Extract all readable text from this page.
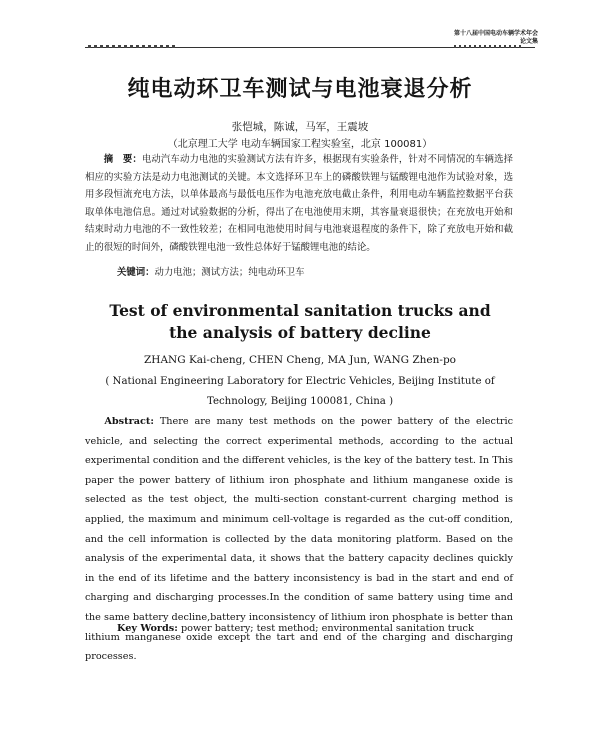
第十八届中国电动车辆学术年会
论文集
纯电动环卫车测试与电池衰退分析
张恺城，陈诚，马军，王震坡
（北京理工大学 电动车辆国家工程实验室，北京 100081）
摘　要：电动汽车动力电池的实验测试方法有许多，根据现有实验条件，针对不同情况的车辆选择相应的实验方法是动力电池测试的关键。本文选择环卫车上的磷酸铁锂与锰酸锂电池作为试验对象，选用多段恒流充电方法，以单体最高与最低电压作为电池充放电截止条件，利用电动车辆监控数据平台获取单体电池信息。通过对试验数据的分析，得出了在电池使用末期，其容量衰退很快；在充放电开始和结束时动力电池的不一致性较差；在相同电池使用时间与电池衰退程度的条件下，除了充放电开始和截止的很短的时间外，磷酸铁锂电池一致性总体好于锰酸锂电池的结论。
关键词：动力电池；测试方法；纯电动环卫车
Test of environmental sanitation trucks and the analysis of battery decline
ZHANG Kai-cheng, CHEN Cheng, MA Jun, WANG Zhen-po
( National Engineering Laboratory for Electric Vehicles, Beijing Institute of Technology, Beijing 100081, China )
Abstract: There are many test methods on the power battery of the electric vehicle, and selecting the correct experimental methods, according to the actual experimental condition and the different vehicles, is the key of the battery test. In This paper the power battery of lithium iron phosphate and lithium manganese oxide is selected as the test object, the multi-section constant-current charging method is applied, the maximum and minimum cell-voltage is regarded as the cut-off condition, and the cell information is collected by the data monitoring platform. Based on the analysis of the experimental data, it shows that the battery capacity declines quickly in the end of its lifetime and the battery inconsistency is bad in the start and end of charging and discharging processes.In the condition of same battery using time and the same battery decline,battery inconsistency of lithium iron phosphate is better than lithium manganese oxide except the tart and end of the charging and discharging processes.
Key Words: power battery; test method; environmental sanitation truck
